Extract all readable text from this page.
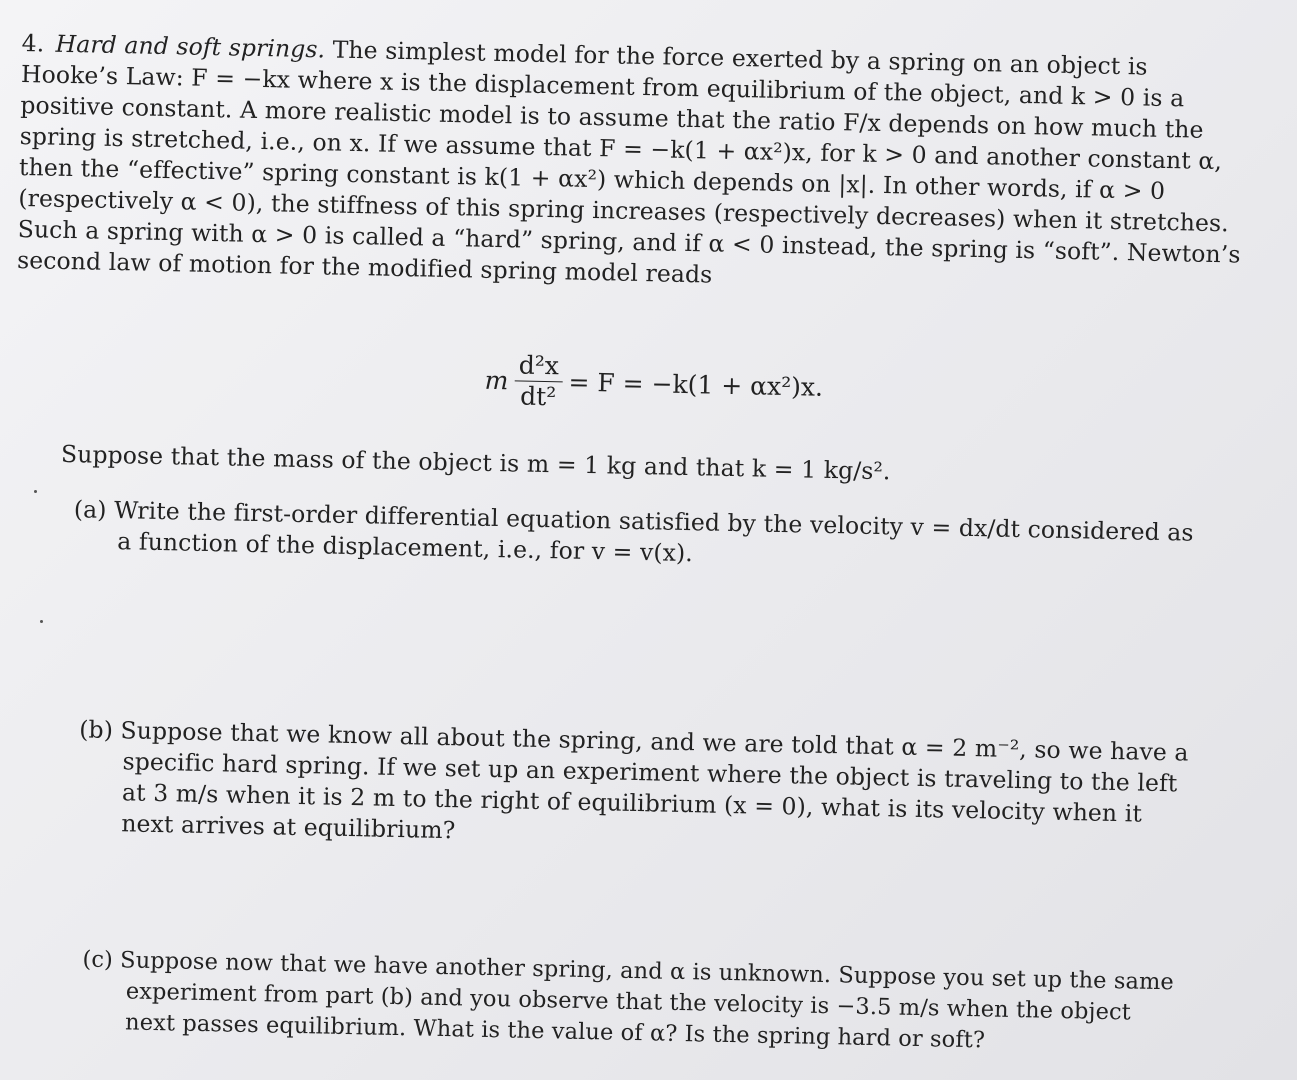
4. Hard and soft springs. The simplest model for the force exerted by a spring on an object is Hooke’s Law: F = −kx where x is the displacement from equilibrium of the object, and k > 0 is a positive constant. A more realistic model is to assume that the ratio F/x depends on how much the spring is stretched, i.e., on x. If we assume that F = −k(1 + αx²)x, for k > 0 and another constant α, then the “effective” spring constant is k(1 + αx²) which depends on |x|. In other words, if α > 0 (respectively α < 0), the stiffness of this spring increases (respectively decreases) when it stretches. Such a spring with α > 0 is called a “hard” spring, and if α < 0 instead, the spring is “soft”. Newton’s second law of motion for the modified spring model reads
m $\frac{\text{d²x}}{\text{dt²}} = F = -k(1 + \alpha x^2)x$.
Suppose that the mass of the object is m = 1 kg and that k = 1 kg/s².
(a) Write the first-order differential equation satisfied by the velocity v = dx/dt considered as a function of the displacement, i.e., for v = v(x).
(b) Suppose that we know all about the spring, and we are told that α = 2 m⁻², so we have a specific hard spring. If we set up an experiment where the object is traveling to the left at 3 m/s when it is 2 m to the right of equilibrium (x = 0), what is its velocity when it next arrives at equilibrium?
(c) Suppose now that we have another spring, and α is unknown. Suppose you set up the same experiment from part (b) and you observe that the velocity is −3.5 m/s when the object next passes equilibrium. What is the value of α? Is the spring hard or soft?
